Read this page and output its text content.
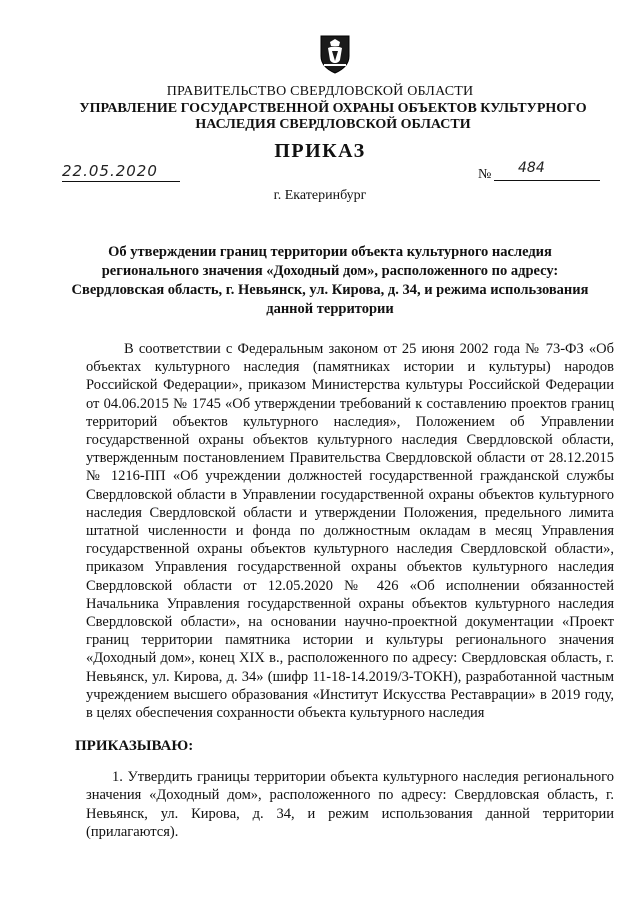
ПРАВИТЕЛЬСТВО СВЕРДЛОВСКОЙ ОБЛАСТИ
УПРАВЛЕНИЕ ГОСУДАРСТВЕННОЙ ОХРАНЫ ОБЪЕКТОВ КУЛЬТУРНОГО НАСЛЕДИЯ СВЕРДЛОВСКОЙ ОБЛАСТИ
ПРИКАЗ
22.05.2020	№ 484
г. Екатеринбург
Об утверждении границ территории объекта культурного наследия регионального значения «Доходный дом», расположенного по адресу: Свердловская область, г. Невьянск, ул. Кирова, д. 34, и режима использования данной территории

В соответствии с Федеральным законом от 25 июня 2002 года № 73-ФЗ «Об объектах культурного наследия (памятниках истории и культуры) народов Российской Федерации», приказом Министерства культуры Российской Федерации от 04.06.2015 № 1745 «Об утверждении требований к составлению проектов границ территорий объектов культурного наследия», Положением об Управлении государственной охраны объектов культурного наследия Свердловской области, утвержденным постановлением Правительства Свердловской области от 28.12.2015 № 1216-ПП «Об учреждении должностей государственной гражданской службы Свердловской области в Управлении государственной охраны объектов культурного наследия Свердловской области и утверждении Положения, предельного лимита штатной численности и фонда по должностным окладам в месяц Управления государственной охраны объектов культурного наследия Свердловской области», приказом Управления государственной охраны объектов культурного наследия Свердловской области от 12.05.2020 № 426 «Об исполнении обязанностей Начальника Управления государственной охраны объектов культурного наследия Свердловской области», на основании научно-проектной документации «Проект границ территории памятника истории и культуры регионального значения «Доходный дом», конец XIX в., расположенного по адресу: Свердловская область, г. Невьянск, ул. Кирова, д. 34» (шифр 11-18-14.2019/3-ТОКН), разработанной частным учреждением высшего образования «Институт Искусства Реставрации» в 2019 году, в целях обеспечения сохранности объекта культурного наследия

ПРИКАЗЫВАЮ:

1. Утвердить границы территории объекта культурного наследия регионального значения «Доходный дом», расположенного по адресу: Свердловская область, г. Невьянск, ул. Кирова, д. 34, и режим использования данной территории (прилагаются).
